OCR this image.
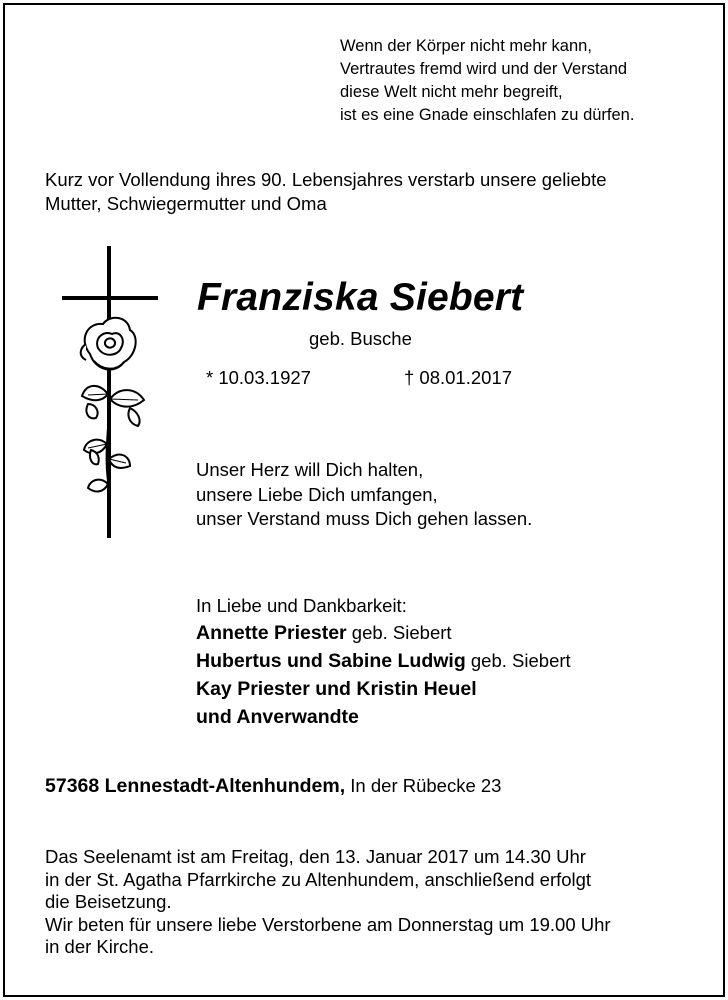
Wenn der Körper nicht mehr kann,
Vertrautes fremd wird und der Verstand
diese Welt nicht mehr begreift,
ist es eine Gnade einschlafen zu dürfen.
Kurz vor Vollendung ihres 90. Lebensjahres verstarb unsere geliebte
Mutter, Schwiegermutter und Oma
Franziska Siebert
geb. Busche
* 10.03.1927	† 08.01.2017
Unser Herz will Dich halten,
unsere Liebe Dich umfangen,
unser Verstand muss Dich gehen lassen.
In Liebe und Dankbarkeit:
Annette Priester geb. Siebert
Hubertus und Sabine Ludwig geb. Siebert
Kay Priester und Kristin Heuel
und Anverwandte
57368 Lennestadt-Altenhundem, In der Rübecke 23
Das Seelenamt ist am Freitag, den 13. Januar 2017 um 14.30 Uhr
in der St. Agatha Pfarrkirche zu Altenhundem, anschließend erfolgt
die Beisetzung.
Wir beten für unsere liebe Verstorbene am Donnerstag um 19.00 Uhr
in der Kirche.
